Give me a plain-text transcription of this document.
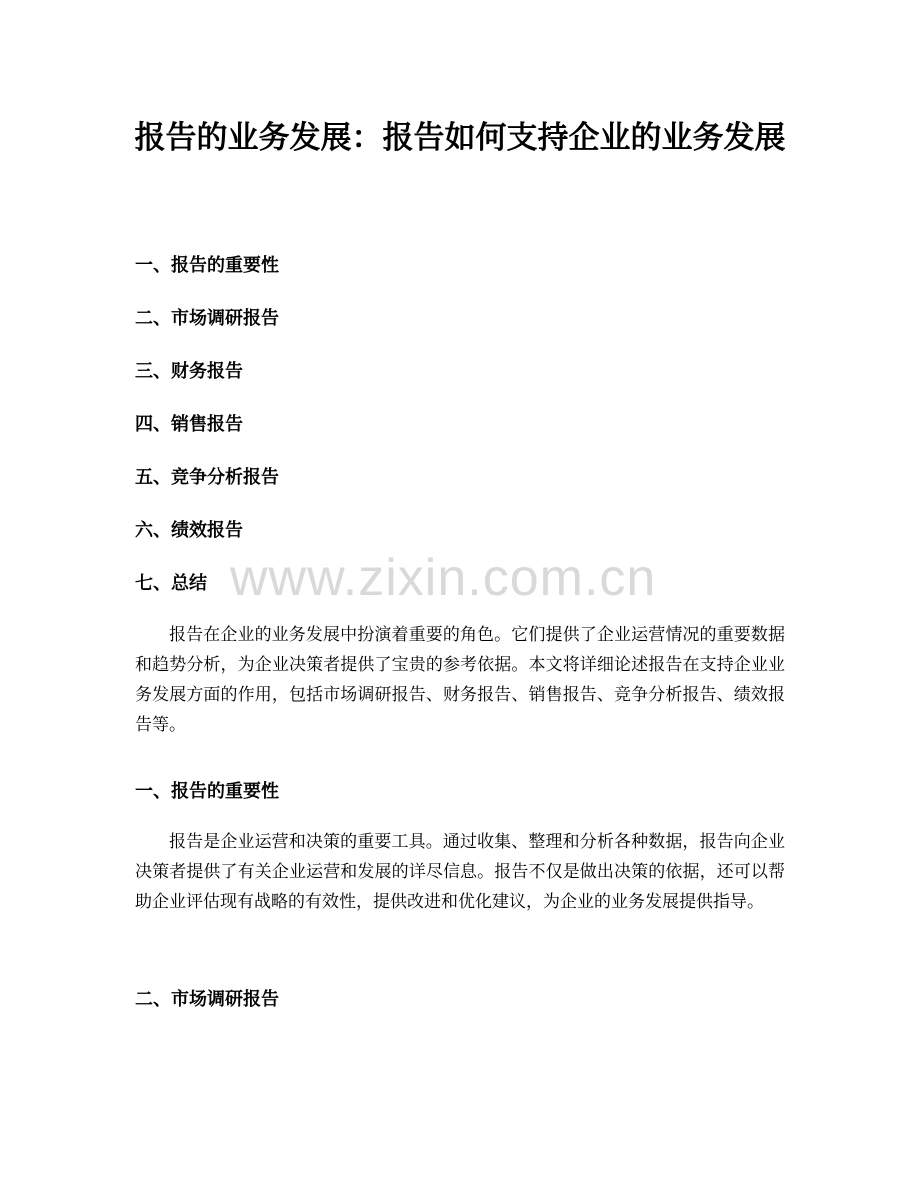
报告的业务发展：报告如何支持企业的业务发展

一、报告的重要性

二、市场调研报告

三、财务报告

四、销售报告

五、竞争分析报告

六、绩效报告

七、总结

报告在企业的业务发展中扮演着重要的角色。它们提供了企业运营情况的重要数据和趋势分析，为企业决策者提供了宝贵的参考依据。本文将详细论述报告在支持企业业务发展方面的作用，包括市场调研报告、财务报告、销售报告、竞争分析报告、绩效报告等。

一、报告的重要性

报告是企业运营和决策的重要工具。通过收集、整理和分析各种数据，报告向企业决策者提供了有关企业运营和发展的详尽信息。报告不仅是做出决策的依据，还可以帮助企业评估现有战略的有效性，提供改进和优化建议，为企业的业务发展提供指导。

二、市场调研报告
www.zixin.com.cn
